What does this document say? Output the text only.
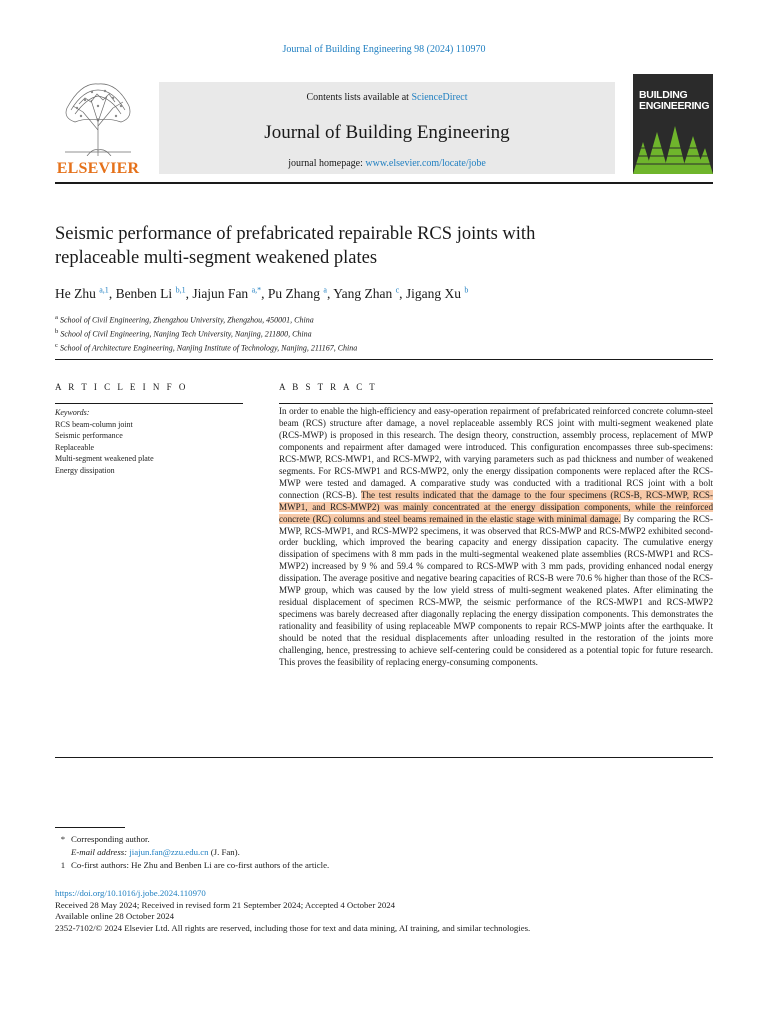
Journal of Building Engineering 98 (2024) 110970
ELSEVIER
Contents lists available at ScienceDirect
Journal of Building Engineering
journal homepage: www.elsevier.com/locate/jobe
BUILDING
ENGINEERING
Seismic performance of prefabricated repairable RCS joints with
replaceable multi-segment weakened plates
He Zhu $^{a,1}$, Benben Li $^{b,1}$, Jiajun Fan $^{a,*}$, Pu Zhang $^a$, Yang Zhan $^c$, Jigang Xu $^b$
$^a$ School of Civil Engineering, Zhengzhou University, Zhengzhou, 450001, China
$^b$ School of Civil Engineering, Nanjing Tech University, Nanjing, 211800, China
$^c$ School of Architecture Engineering, Nanjing Institute of Technology, Nanjing, 211167, China
A R T I C L E I N F O	A B S T R A C T
Keywords:
RCS beam-column joint
Seismic performance
Replaceable
Multi-segment weakened plate
Energy dissipation
In order to enable the high-efficiency and easy-operation repairment of prefabricated reinforced concrete column-steel beam (RCS) structure after damage, a novel replaceable assembly RCS joint with multi-segment weakened plate (RCS-MWP) is proposed in this research. The design theory, construction, assembly process, replacement of MWP components and repairment after damaged were introduced. This configuration encompasses three sub-specimens: RCS-MWP, RCS-MWP1, and RCS-MWP2, with varying parameters such as pad thickness and number of weakened segments. For RCS-MWP1 and RCS-MWP2, only the energy dissipation components were replaced after the RCS-MWP were tested and damaged. A comparative study was conducted with a traditional RCS joint with a bolt connection (RCS-B). The test results indicated that the damage to the four specimens (RCS-B, RCS-MWP, RCS-MWP1, and RCS-MWP2) was mainly concentrated at the energy dissipation components, while the reinforced concrete (RC) columns and steel beams remained in the elastic stage with minimal damage. By comparing the RCS-MWP, RCS-MWP1, and RCS-MWP2 specimens, it was observed that RCS-MWP and RCS-MWP2 exhibited second-order buckling, which improved the bearing capacity and energy dissipation capacity. The cumulative energy dissipation of specimens with 8 mm pads in the multi-segmental weakened plate assemblies (RCS-MWP1 and RCS-MWP2) increased by 9 % and 59.4 % compared to RCS-MWP with 3 mm pads, providing enhanced nodal energy dissipation. The average positive and negative bearing capacities of RCS-B were 70.6 % higher than those of the RCS-MWP group, which was caused by the low yield stress of multi-segment weakened plates. After eliminating the residual displacement of specimen RCS-MWP, the seismic performance of the RCS-MWP1 and RCS-MWP2 specimens was barely decreased after diagonally replacing the energy dissipation components. This demonstrates the rationality and feasibility of using replaceable MWP components to repair RCS-MWP joints after the earthquake. It should be noted that the residual displacements after unloading resulted in the restoration of the joints more challenging, hence, prestressing to achieve self-centering could be considered as a potential topic for future research. This proves the feasibility of replacing energy-consuming components.
* Corresponding author.
E-mail address: jiajun.fan@zzu.edu.cn (J. Fan).
1 Co-first authors: He Zhu and Benben Li are co-first authors of the article.
https://doi.org/10.1016/j.jobe.2024.110970
Received 28 May 2024; Received in revised form 21 September 2024; Accepted 4 October 2024
Available online 28 October 2024
2352-7102/© 2024 Elsevier Ltd. All rights are reserved, including those for text and data mining, AI training, and similar technologies.
